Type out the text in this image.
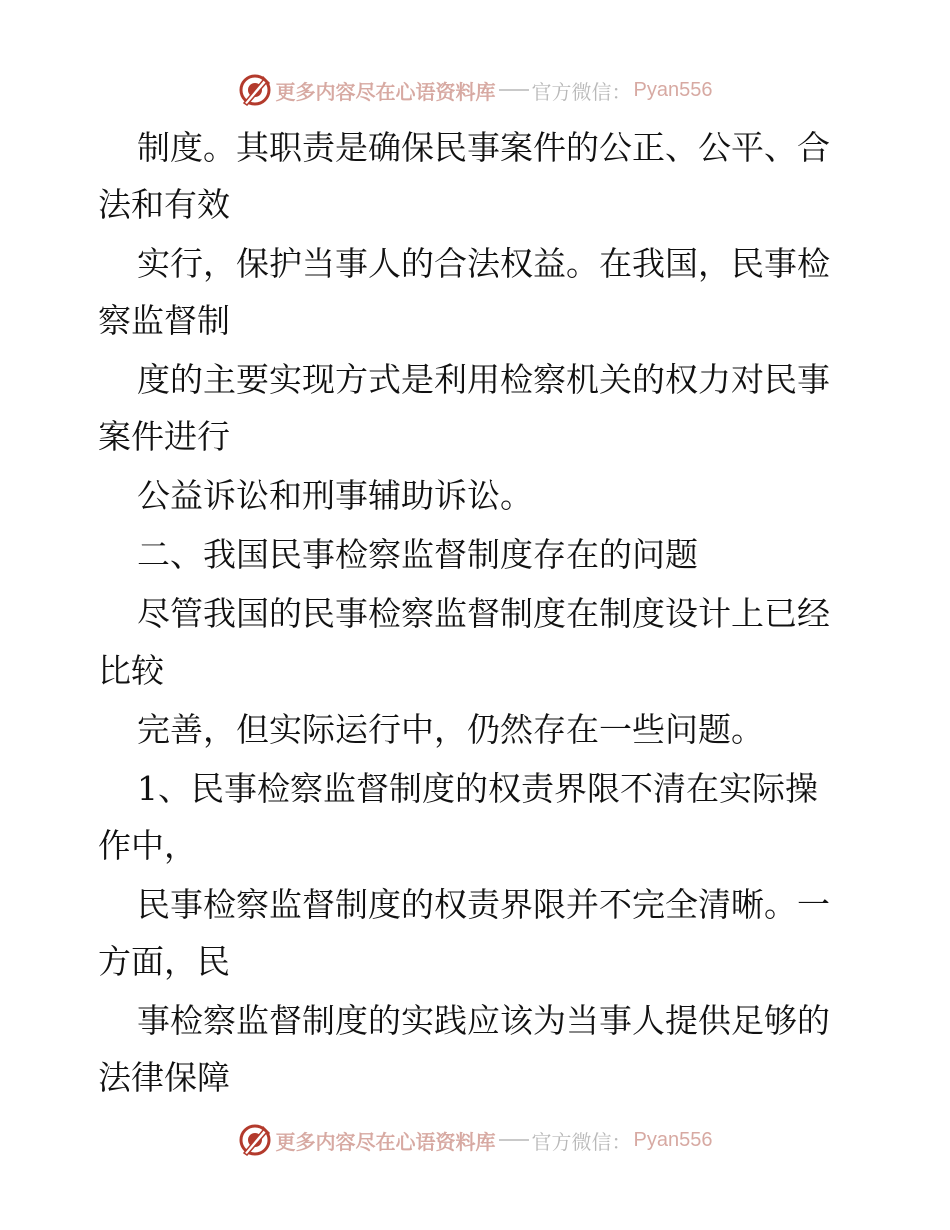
更多内容尽在心语资料库 官方微信： Pyan556
制度。其职责是确保民事案件的公正、公平、合
法和有效
实行，保护当事人的合法权益。在我国，民事检
察监督制
度的主要实现方式是利用检察机关的权力对民事
案件进行
公益诉讼和刑事辅助诉讼。
二、我国民事检察监督制度存在的问题
尽管我国的民事检察监督制度在制度设计上已经
比较
完善，但实际运行中，仍然存在一些问题。
1、民事检察监督制度的权责界限不清在实际操
作中，
民事检察监督制度的权责界限并不完全清晰。一
方面，民
事检察监督制度的实践应该为当事人提供足够的
法律保障
更多内容尽在心语资料库 官方微信： Pyan556
